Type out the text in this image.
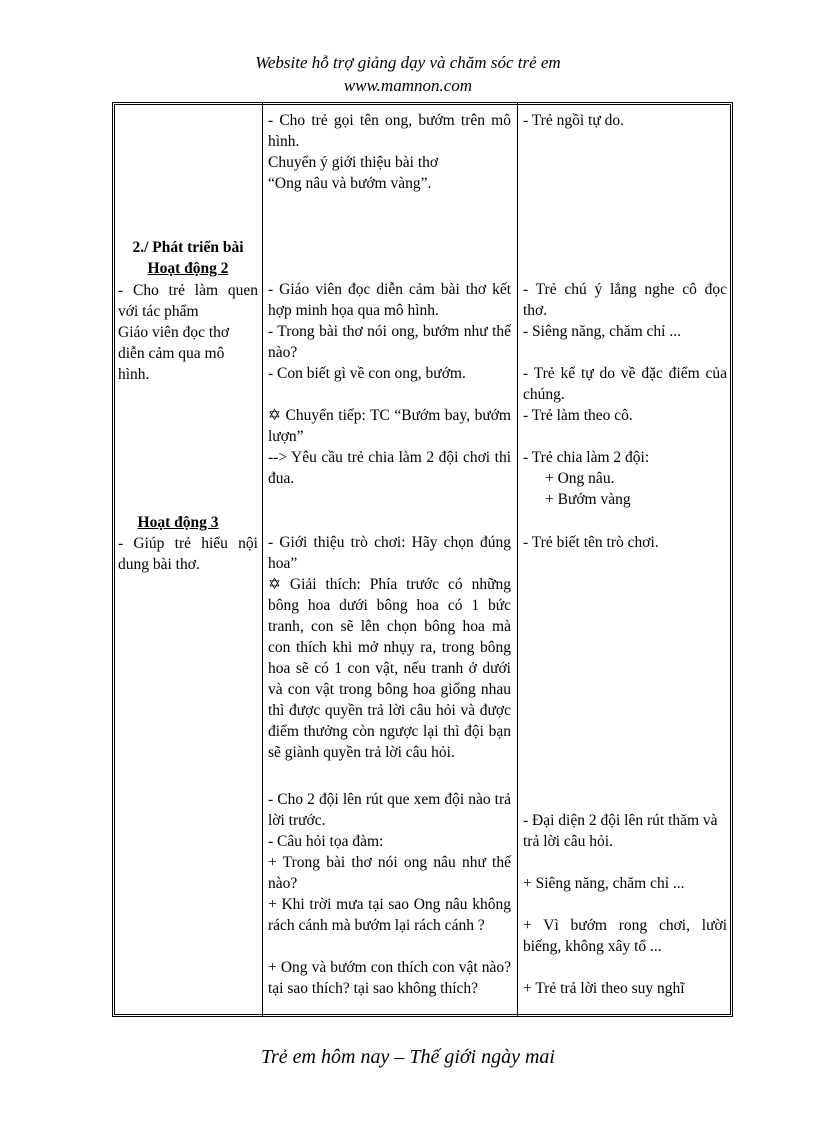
Website hỗ trợ giảng dạy và chăm sóc trẻ em
www.mamnon.com
2./ Phát triển bài
Hoạt động 2
- Cho trẻ làm quen với tác phẩm
Giáo viên đọc thơ diễn cảm qua mô hình.
Hoạt động 3
- Giúp trẻ hiểu nội dung bài thơ.
- Cho trẻ gọi tên ong, bướm trên mô hình.
Chuyển ý giới thiệu bài thơ
“Ong nâu và bướm vàng”.
- Giáo viên đọc diễn cảm bài thơ kết hợp minh họa qua mô hình.
- Trong bài thơ nói ong, bướm như thế nào?
- Con biết gì về con ong, bướm.
✡ Chuyển tiếp: TC “Bướm bay, bướm lượn”
--> Yêu cầu trẻ chia làm 2 đội chơi thi đua.
- Giới thiệu trò chơi: Hãy chọn đúng hoa”
✡ Giải thích: Phía trước có những bông hoa dưới bông hoa có 1 bức tranh, con sẽ lên chọn bông hoa mà con thích khi mở nhụy ra, trong bông hoa sẽ có 1 con vật, nếu tranh ở dưới và con vật trong bông hoa giống nhau thì được quyền trả lời câu hỏi và được điểm thưởng còn ngược lại thì đội bạn sẽ giành quyền trả lời câu hỏi.
- Cho 2 đội lên rút que xem đội nào trả lời trước.
- Câu hỏi tọa đàm:
+ Trong bài thơ nói ong nâu như thế nào?
+ Khi trời mưa tại sao Ong nâu không rách cánh mà bướm lại rách cánh ?
+ Ong và bướm con thích con vật nào? tại sao thích? tại sao không thích?
- Trẻ ngồi tự do.
- Trẻ chú ý lắng nghe cô đọc thơ.
- Siêng năng, chăm chỉ ...
- Trẻ kể tự do về đặc điểm của chúng.
- Trẻ làm theo cô.
- Trẻ chia làm 2 đội:
+ Ong nâu.
+ Bướm vàng
- Trẻ biết tên trò chơi.
- Đại diện 2 đội lên rút thăm và trả lời câu hỏi.
+ Siêng năng, chăm chỉ ...
+ Vì bướm rong chơi, lười biếng, không xây tổ ...
+ Trẻ trả lời theo suy nghĩ
Trẻ em hôm nay – Thế giới ngày mai
